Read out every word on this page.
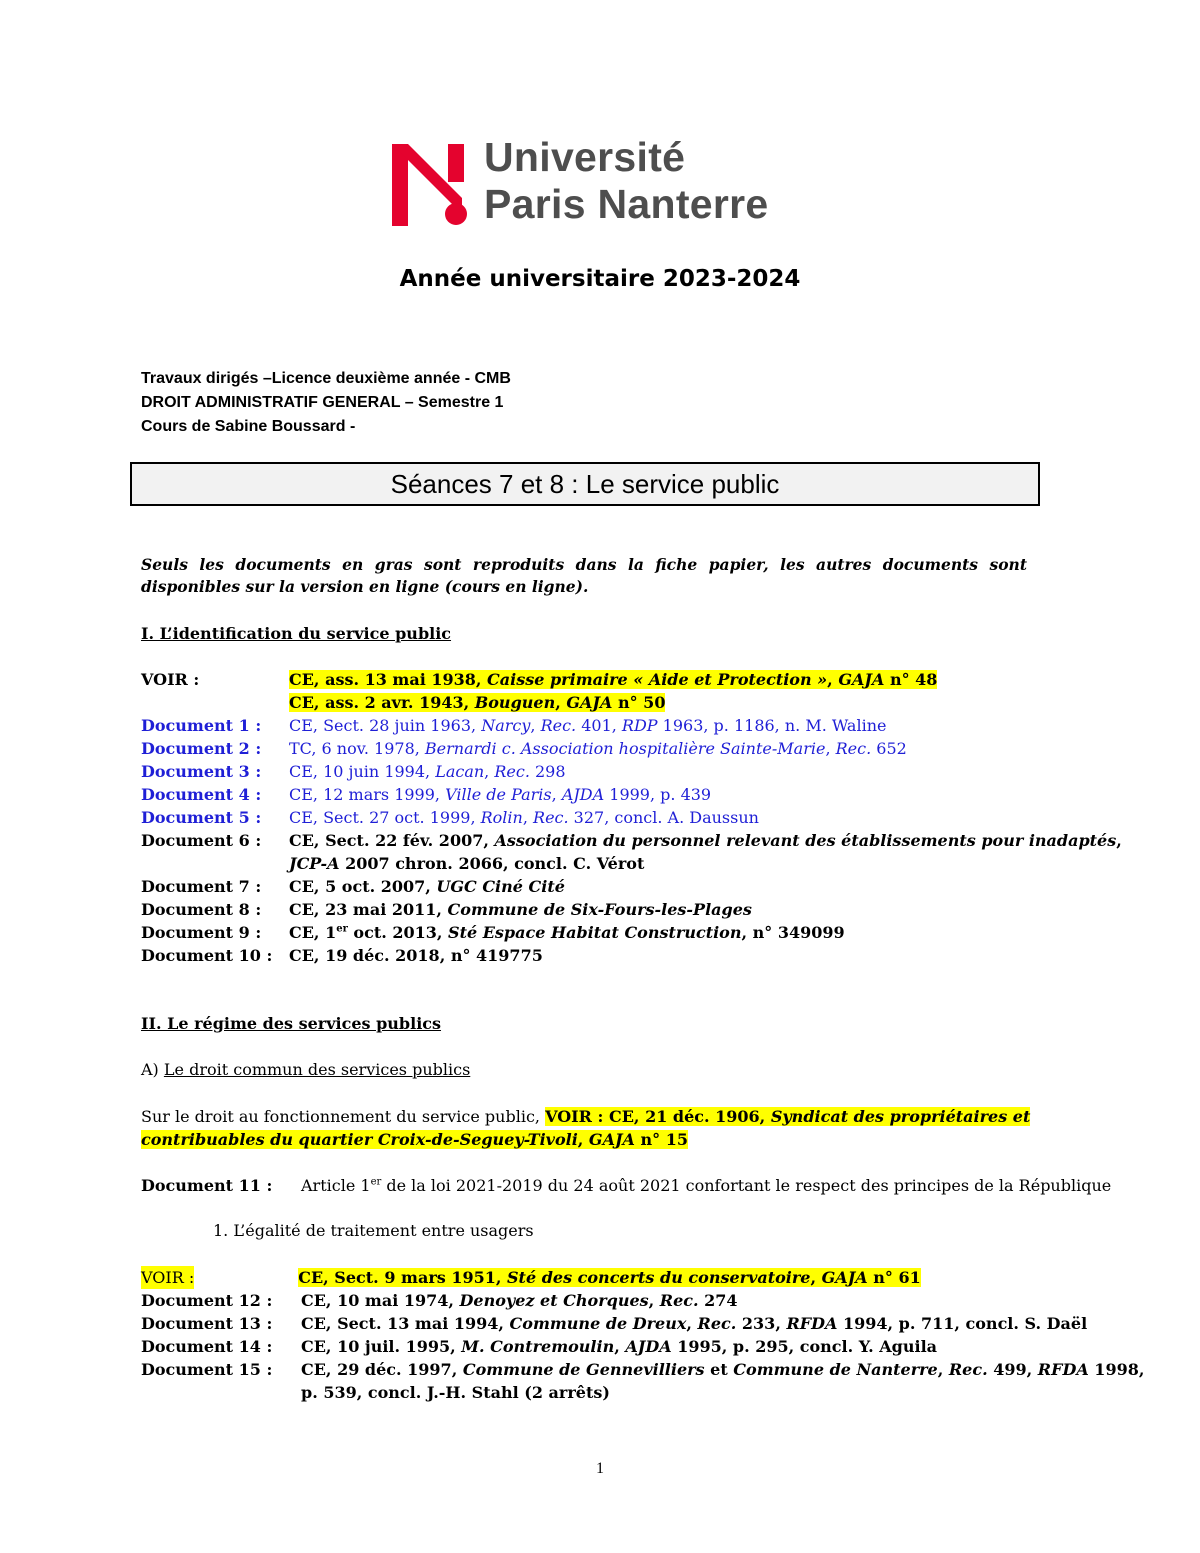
Université
Paris Nanterre
Année universitaire 2023-2024
Travaux dirigés –Licence deuxième année - CMB
DROIT ADMINISTRATIF GENERAL – Semestre 1
Cours de Sabine Boussard -
Séances 7 et 8 : Le service public
Seuls les documents en gras sont reproduits dans la fiche papier, les autres documents sont disponibles sur la version en ligne (cours en ligne).
I. L’identification du service public
VOIR :	CE, ass. 13 mai 1938, Caisse primaire « Aide et Protection », GAJA n° 48
CE, ass. 2 avr. 1943, Bouguen, GAJA n° 50
Document 1 : CE, Sect. 28 juin 1963, Narcy, Rec. 401, RDP 1963, p. 1186, n. M. Waline
Document 2 : TC, 6 nov. 1978, Bernardi c. Association hospitalière Sainte-Marie, Rec. 652
Document 3 : CE, 10 juin 1994, Lacan, Rec. 298
Document 4 : CE, 12 mars 1999, Ville de Paris, AJDA 1999, p. 439
Document 5 : CE, Sect. 27 oct. 1999, Rolin, Rec. 327, concl. A. Daussun
Document 6 : CE, Sect. 22 fév. 2007, Association du personnel relevant des établissements pour inadaptés,
JCP-A 2007 chron. 2066, concl. C. Vérot
Document 7 : CE, 5 oct. 2007, UGC Ciné Cité
Document 8 : CE, 23 mai 2011, Commune de Six-Fours-les-Plages
Document 9 : CE, 1er oct. 2013, Sté Espace Habitat Construction, n° 349099
Document 10 : CE, 19 déc. 2018, n° 419775
II. Le régime des services publics
A) Le droit commun des services publics
Sur le droit au fonctionnement du service public, VOIR : CE, 21 déc. 1906, Syndicat des propriétaires et
contribuables du quartier Croix-de-Seguey-Tivoli, GAJA n° 15
Document 11 : Article 1er de la loi 2021-2019 du 24 août 2021 confortant le respect des principes de la République
1. L’égalité de traitement entre usagers
VOIR :	CE, Sect. 9 mars 1951, Sté des concerts du conservatoire, GAJA n° 61
Document 12 : CE, 10 mai 1974, Denoyez et Chorques, Rec. 274
Document 13 : CE, Sect. 13 mai 1994, Commune de Dreux, Rec. 233, RFDA 1994, p. 711, concl. S. Daël
Document 14 : CE, 10 juil. 1995, M. Contremoulin, AJDA 1995, p. 295, concl. Y. Aguila
Document 15 : CE, 29 déc. 1997, Commune de Gennevilliers et Commune de Nanterre, Rec. 499, RFDA 1998,
p. 539, concl. J.-H. Stahl (2 arrêts)
1
